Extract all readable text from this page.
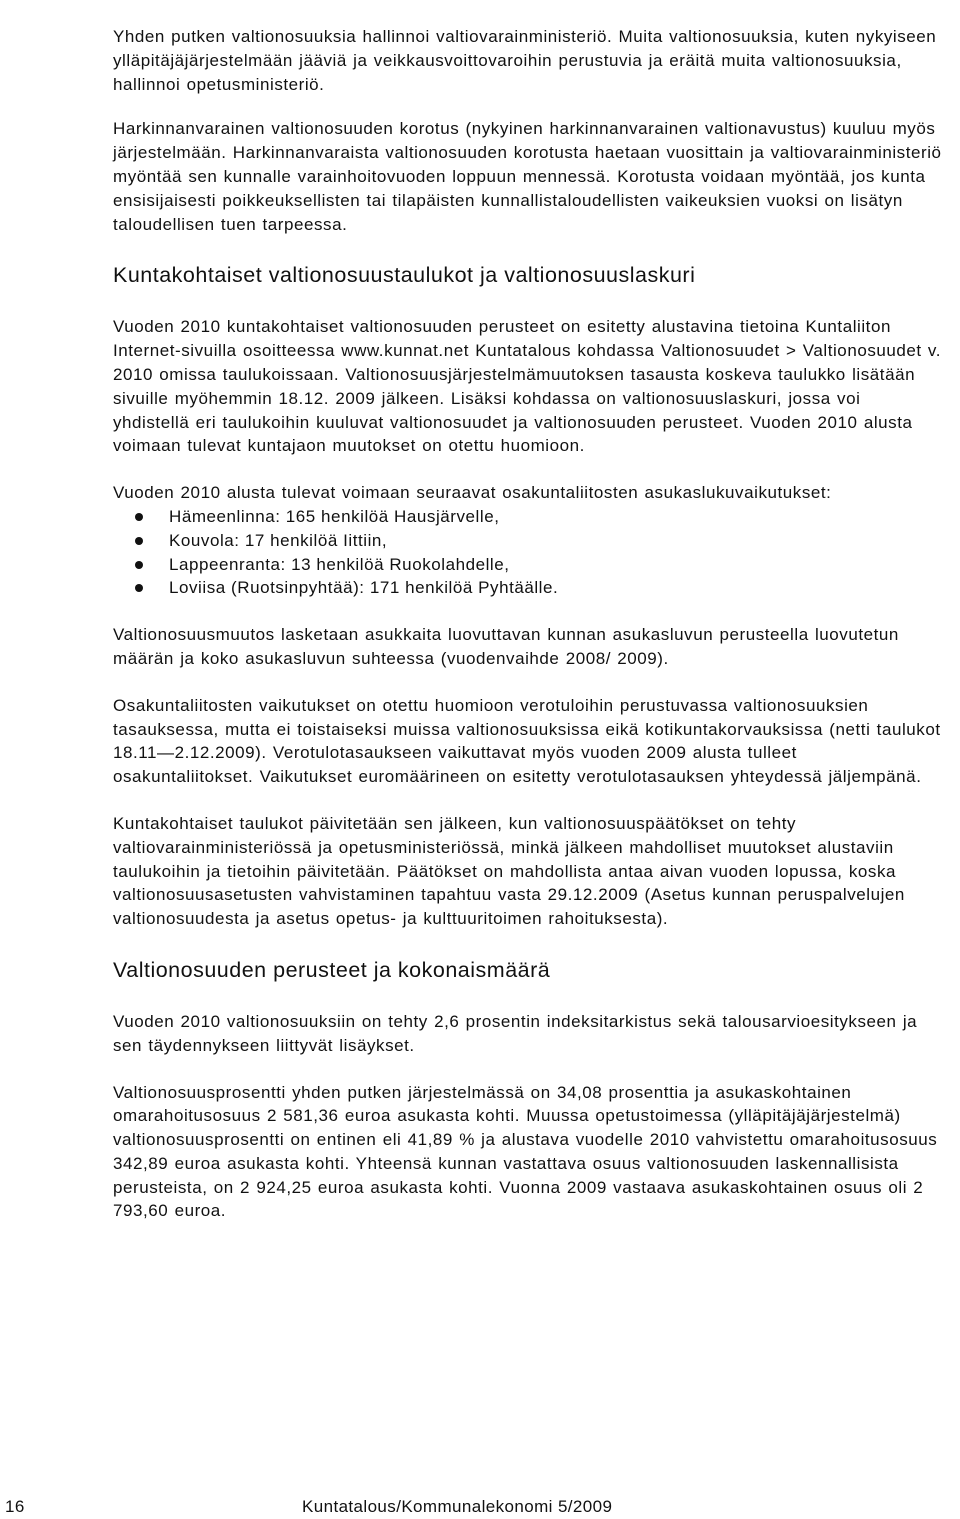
Yhden putken valtionosuuksia hallinnoi valtiovarainministeriö. Muita valtionosuuksia, kuten nykyiseen ylläpitäjäjärjestelmään jääviä ja veikkausvoittovaroihin perustuvia ja eräitä muita valtionosuuksia, hallinnoi opetusministeriö.

Harkinnanvarainen valtionosuuden korotus (nykyinen harkinnanvarainen valtionavustus) kuuluu myös järjestelmään. Harkinnanvaraista valtionosuuden korotusta haetaan vuosittain ja valtiovarainministeriö myöntää sen kunnalle varainhoitovuoden loppuun mennessä. Korotusta voidaan myöntää, jos kunta ensisijaisesti poikkeuksellisten tai tilapäisten kunnallistaloudellisten vaikeuksien vuoksi on lisätyn taloudellisen tuen tarpeessa.

Kuntakohtaiset valtionosuustaulukot ja valtionosuuslaskuri

Vuoden 2010 kuntakohtaiset valtionosuuden perusteet on esitetty alustavina tietoina Kuntaliiton Internet-sivuilla osoitteessa www.kunnat.net Kuntatalous kohdassa Valtionosuudet > Valtionosuudet v. 2010 omissa taulukoissaan. Valtionosuusjärjestelmämuutoksen tasausta koskeva taulukko lisätään sivuille myöhemmin 18.12. 2009 jälkeen. Lisäksi kohdassa on valtionosuuslaskuri, jossa voi yhdistellä eri taulukoihin kuuluvat valtionosuudet ja valtionosuuden perusteet. Vuoden 2010 alusta voimaan tulevat kuntajaon muutokset on otettu huomioon.

Vuoden 2010 alusta tulevat voimaan seuraavat osakuntaliitosten asukaslukuvaikutukset:

Hämeenlinna: 165 henkilöä Hausjärvelle,
Kouvola: 17 henkilöä Iittiin,
Lappeenranta: 13 henkilöä Ruokolahdelle,
Loviisa (Ruotsinpyhtää): 171 henkilöä Pyhtäälle.

Valtionosuusmuutos lasketaan asukkaita luovuttavan kunnan asukasluvun perusteella luovutetun määrän ja koko asukasluvun suhteessa (vuodenvaihde 2008/ 2009).

Osakuntaliitosten vaikutukset on otettu huomioon verotuloihin perustuvassa valtionosuuksien tasauksessa, mutta ei toistaiseksi muissa valtionosuuksissa eikä kotikuntakorvauksissa (netti taulukot 18.11—2.12.2009). Verotulotasaukseen vaikuttavat myös vuoden 2009 alusta tulleet osakuntaliitokset. Vaikutukset euromäärineen on esitetty verotulotasauksen yhteydessä jäljempänä.

Kuntakohtaiset taulukot päivitetään sen jälkeen, kun valtionosuuspäätökset on tehty valtiovarainministeriössä ja opetusministeriössä, minkä jälkeen mahdolliset muutokset alustaviin taulukoihin ja tietoihin päivitetään. Päätökset on mahdollista antaa aivan vuoden lopussa, koska valtionosuusasetusten vahvistaminen tapahtuu vasta 29.12.2009 (Asetus kunnan peruspalvelujen valtionosuudesta ja asetus opetus- ja kulttuuritoimen rahoituksesta).

Valtionosuuden perusteet ja kokonaismäärä

Vuoden 2010 valtionosuuksiin on tehty 2,6 prosentin indeksitarkistus sekä talousarvioesitykseen ja sen täydennykseen liittyvät lisäykset.

Valtionosuusprosentti yhden putken järjestelmässä on 34,08 prosenttia ja asukaskohtainen omarahoitusosuus 2 581,36 euroa asukasta kohti. Muussa opetustoimessa (ylläpitäjäjärjestelmä) valtionosuusprosentti on entinen eli 41,89 % ja alustava vuodelle 2010 vahvistettu omarahoitusosuus 342,89 euroa asukasta kohti. Yhteensä kunnan vastattava osuus valtionosuuden laskennallisista perusteista, on 2 924,25 euroa asukasta kohti. Vuonna 2009 vastaava asukaskohtainen osuus oli 2 793,60 euroa.

16	Kuntatalous/Kommunalekonomi 5/2009
